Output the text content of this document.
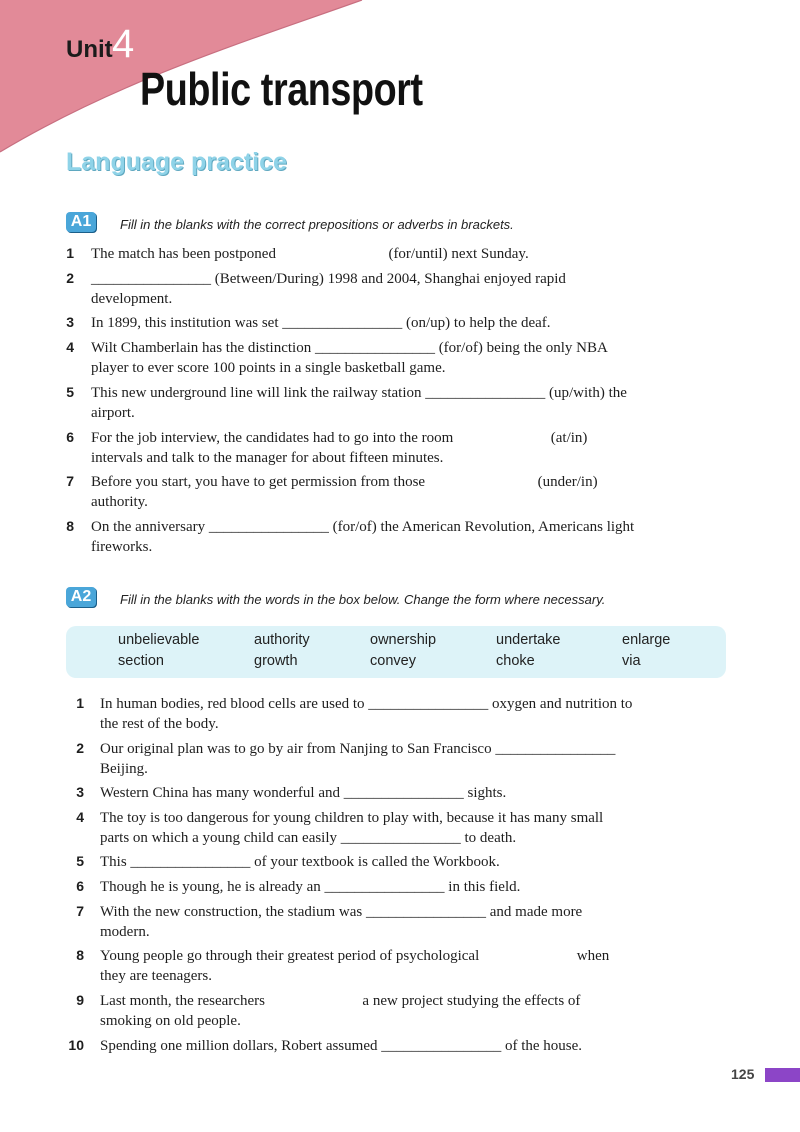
Unit 4
Public transport
Language practice
A1	Fill in the blanks with the correct prepositions or adverbs in brackets.
1 The match has been postponed                              (for/until) next Sunday.
2 ________________ (Between/During) 1998 and 2004, Shanghai enjoyed rapid
development.
3 In 1899, this institution was set ________________ (on/up) to help the deaf.
4 Wilt Chamberlain has the distinction ________________ (for/of) being the only NBA
player to ever score 100 points in a single basketball game.
5 This new underground line will link the railway station ________________ (up/with) the
airport.
6 For the job interview, the candidates had to go into the room                          (at/in)
intervals and talk to the manager for about fifteen minutes.
7 Before you start, you have to get permission from those                              (under/in)
authority.
8 On the anniversary ________________ (for/of) the American Revolution, Americans light
fireworks.
A2	Fill in the blanks with the words in the box below. Change the form where necessary.
unbelievable	authority	ownership	undertake	enlarge
section	growth	convey	choke	via
1 In human bodies, red blood cells are used to ________________ oxygen and nutrition to
the rest of the body.
2 Our original plan was to go by air from Nanjing to San Francisco ________________
Beijing.
3 Western China has many wonderful and ________________ sights.
4 The toy is too dangerous for young children to play with, because it has many small
parts on which a young child can easily ________________ to death.
5 This ________________ of your textbook is called the Workbook.
6 Though he is young, he is already an ________________ in this field.
7 With the new construction, the stadium was ________________ and made more
modern.
8 Young people go through their greatest period of psychological                          when
they are teenagers.
9 Last month, the researchers                          a new project studying the effects of
smoking on old people.
10 Spending one million dollars, Robert assumed ________________ of the house.
125
